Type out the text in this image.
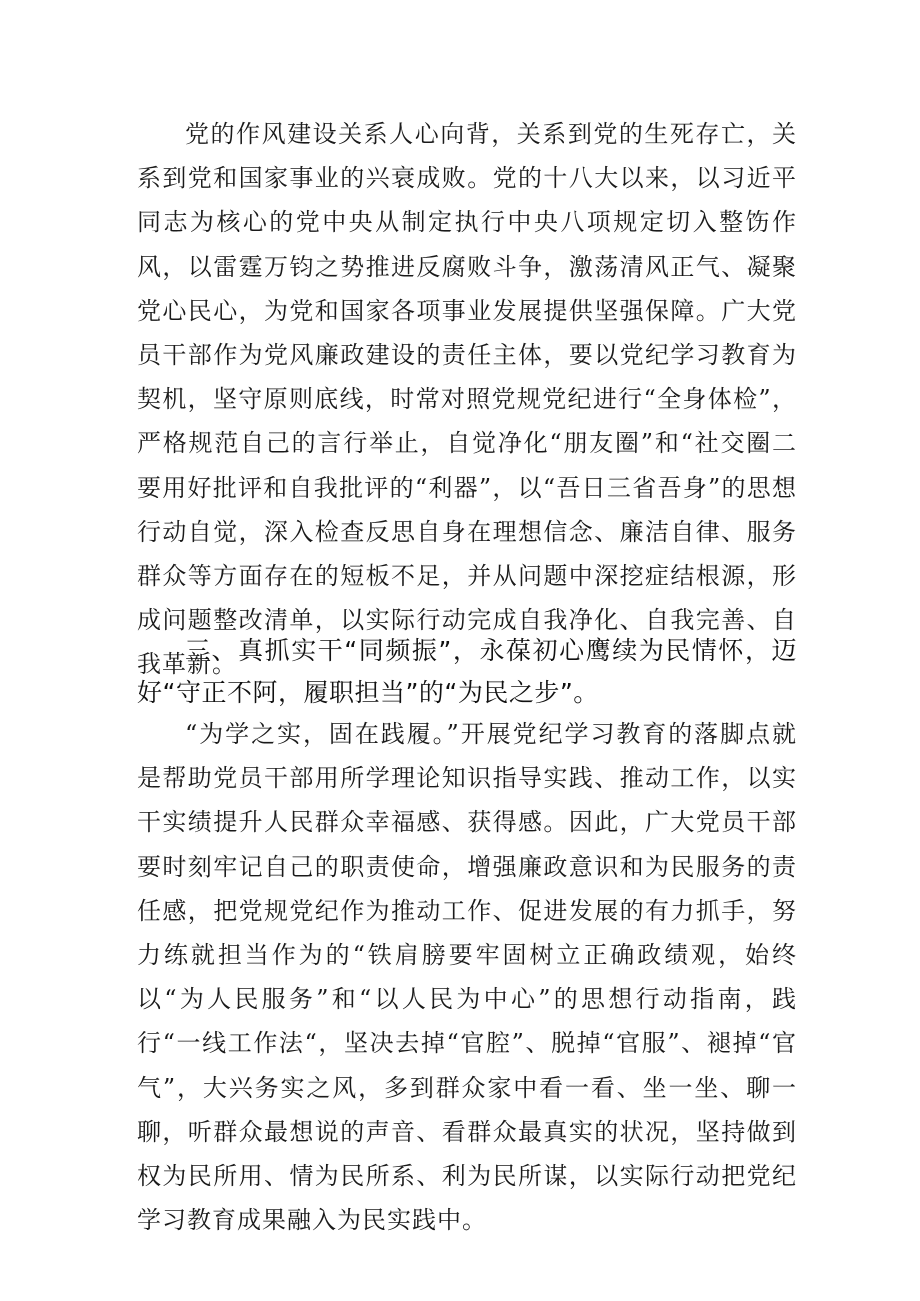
党的作风建设关系人心向背，关系到党的生死存亡，关系到党和国家事业的兴衰成败。党的十八大以来，以习近平同志为核心的党中央从制定执行中央八项规定切入整饬作风，以雷霆万钧之势推进反腐败斗争，激荡清风正气、凝聚党心民心，为党和国家各项事业发展提供坚强保障。广大党员干部作为党风廉政建设的责任主体，要以党纪学习教育为契机，坚守原则底线，时常对照党规党纪进行“全身体检”，严格规范自己的言行举止，自觉净化“朋友圈”和“社交圈二要用好批评和自我批评的“利器”，以“吾日三省吾身”的思想行动自觉，深入检查反思自身在理想信念、廉洁自律、服务群众等方面存在的短板不足，并从问题中深挖症结根源，形成问题整改清单，以实际行动完成自我净化、自我完善、自我革新。

三、真抓实干“同频振”，永葆初心鹰续为民情怀，迈好“守正不阿，履职担当”的“为民之步”。

“为学之实，固在践履。”开展党纪学习教育的落脚点就是帮助党员干部用所学理论知识指导实践、推动工作，以实干实绩提升人民群众幸福感、获得感。因此，广大党员干部要时刻牢记自己的职责使命，增强廉政意识和为民服务的责任感，把党规党纪作为推动工作、促进发展的有力抓手，努力练就担当作为的“铁肩膀要牢固树立正确政绩观，始终以“为人民服务”和“以人民为中心”的思想行动指南，践行“一线工作法“，坚决去掉“官腔”、脱掉“官服”、褪掉“官气”，大兴务实之风，多到群众家中看一看、坐一坐、聊一聊，听群众最想说的声音、看群众最真实的状况，坚持做到权为民所用、情为民所系、利为民所谋，以实际行动把党纪学习教育成果融入为民实践中。
